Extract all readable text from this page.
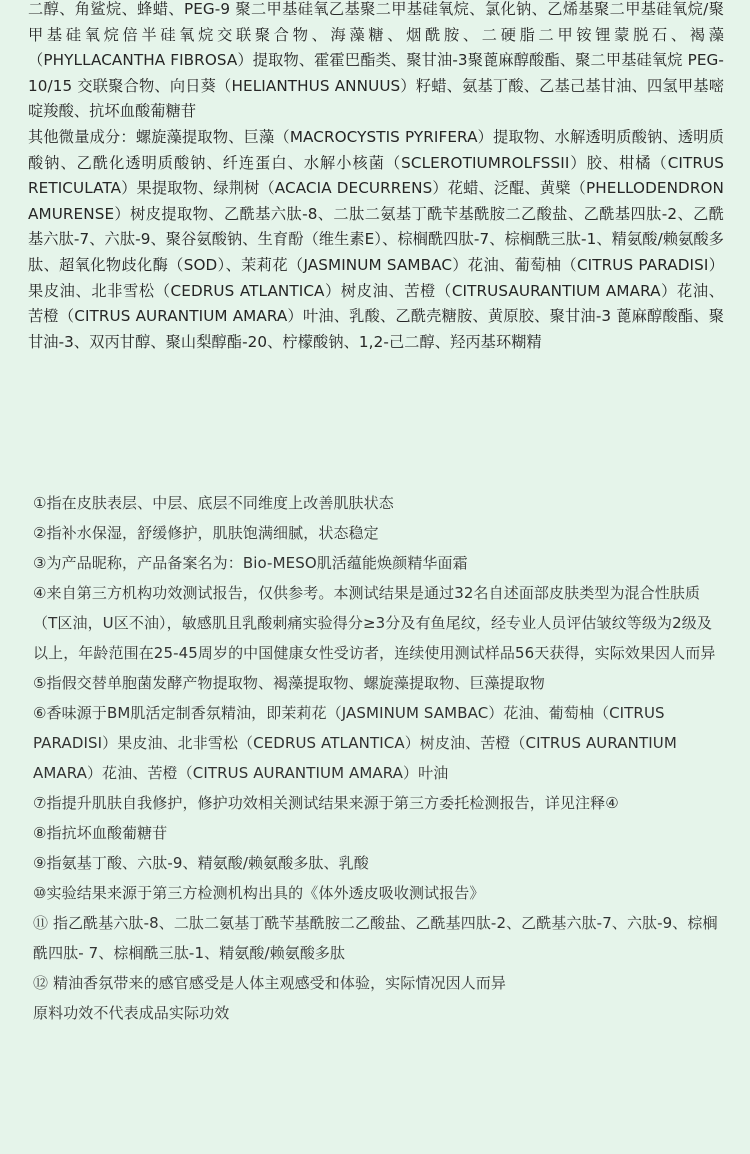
二醇、角鲨烷、蜂蜡、PEG-9 聚二甲基硅氧乙基聚二甲基硅氧烷、氯化钠、乙烯基聚二甲基硅氧烷/聚甲基硅氧烷倍半硅氧烷交联聚合物、海藻糖、烟酰胺、二硬脂二甲铵锂蒙脱石、褐藻（PHYLLACANTHA FIBROSA）提取物、霍霍巴酯类、聚甘油-3聚蓖麻醇酸酯、聚二甲基硅氧烷 PEG-10/15 交联聚合物、向日葵（HELIANTHUS ANNUUS）籽蜡、氨基丁酸、乙基己基甘油、四氢甲基嘧啶羧酸、抗坏血酸葡糖苷

其他微量成分：螺旋藻提取物、巨藻（MACROCYSTIS PYRIFERA）提取物、水解透明质酸钠、透明质酸钠、乙酰化透明质酸钠、纤连蛋白、水解小核菌（SCLEROTIUMROLFSSII）胶、柑橘（CITRUS RETICULATA）果提取物、绿荆树（ACACIA DECURRENS）花蜡、泛醌、黄檗（PHELLODENDRON AMURENSE）树皮提取物、乙酰基六肽-8、二肽二氨基丁酰苄基酰胺二乙酸盐、乙酰基四肽-2、乙酰基六肽-7、六肽-9、聚谷氨酸钠、生育酚（维生素E）、棕榈酰四肽-7、棕榈酰三肽-1、精氨酸/赖氨酸多肽、超氧化物歧化酶（SOD）、茉莉花（JASMINUM SAMBAC）花油、葡萄柚（CITRUS PARADISI）果皮油、北非雪松（CEDRUS ATLANTICA）树皮油、苦橙（CITRUSAURANTIUM AMARA）花油、苦橙（CITRUS AURANTIUM AMARA）叶油、乳酸、乙酰壳糖胺、黄原胶、聚甘油-3 蓖麻醇酸酯、聚甘油-3、双丙甘醇、聚山梨醇酯-20、柠檬酸钠、1,2-己二醇、羟丙基环糊精

①指在皮肤表层、中层、底层不同维度上改善肌肤状态
②指补水保湿，舒缓修护，肌肤饱满细腻，状态稳定
③为产品昵称，产品备案名为：Bio-MESO肌活蕴能焕颜精华面霜
④来自第三方机构功效测试报告，仅供参考。本测试结果是通过32名自述面部皮肤类型为混合性肤质（T区油，U区不油），敏感肌且乳酸刺痛实验得分≥3分及有鱼尾纹，经专业人员评估皱纹等级为2级及以上，年龄范围在25-45周岁的中国健康女性受访者，连续使用测试样品56天获得，实际效果因人而异
⑤指假交替单胞菌发酵产物提取物、褐藻提取物、螺旋藻提取物、巨藻提取物
⑥香味源于BM肌活定制香氛精油，即茉莉花（JASMINUM SAMBAC）花油、葡萄柚（CITRUS PARADISI）果皮油、北非雪松（CEDRUS ATLANTICA）树皮油、苦橙（CITRUS AURANTIUM AMARA）花油、苦橙（CITRUS AURANTIUM AMARA）叶油
⑦指提升肌肤自我修护，修护功效相关测试结果来源于第三方委托检测报告，详见注释④
⑧指抗坏血酸葡糖苷
⑨指氨基丁酸、六肽-9、精氨酸/赖氨酸多肽、乳酸
⑩实验结果来源于第三方检测机构出具的《体外透皮吸收测试报告》
⑪ 指乙酰基六肽-8、二肽二氨基丁酰苄基酰胺二乙酸盐、乙酰基四肽-2、乙酰基六肽-7、六肽-9、棕榈酰四肽- 7、棕榈酰三肽-1、精氨酸/赖氨酸多肽
⑫ 精油香氛带来的感官感受是人体主观感受和体验，实际情况因人而异
原料功效不代表成品实际功效
